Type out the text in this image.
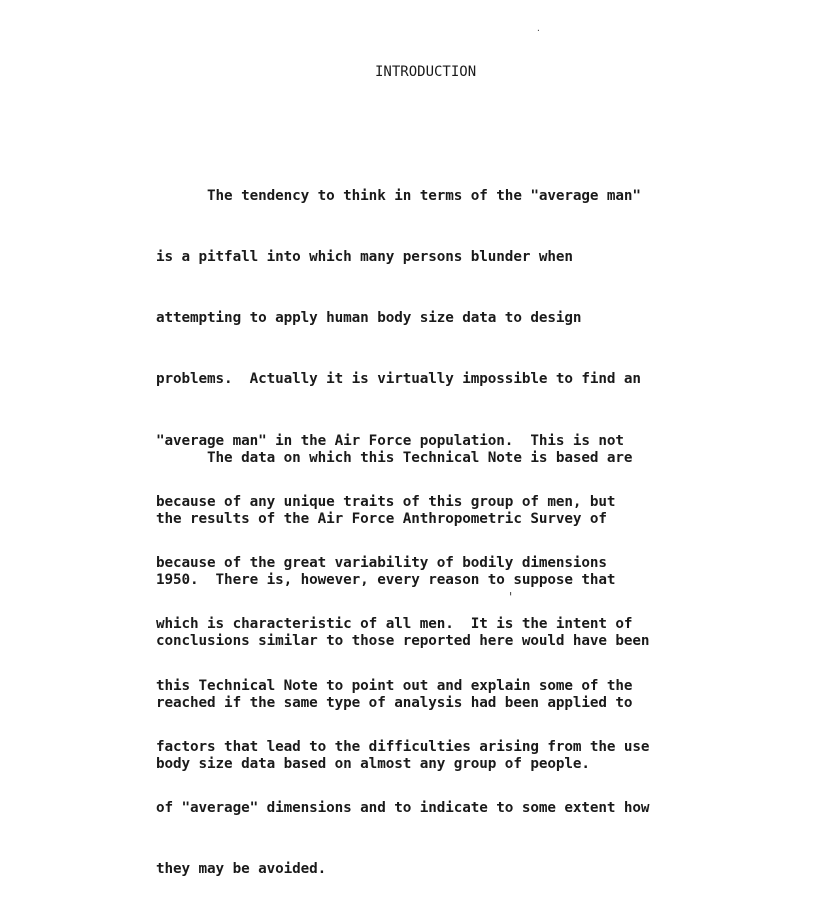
·
INTRODUCTION

The tendency to think in terms of the "average man"

is a pitfall into which many persons blunder when

attempting to apply human body size data to design

problems.  Actually it is virtually impossible to find an

"average man" in the Air Force population.  This is not

because of any unique traits of this group of men, but

because of the great variability of bodily dimensions

which is characteristic of all men.  It is the intent of

this Technical Note to point out and explain some of the

factors that lead to the difficulties arising from the use

of "average" dimensions and to indicate to some extent how

they may be avoided.

The data on which this Technical Note is based are

the results of the Air Force Anthropometric Survey of

1950.  There is, however, every reason to suppose that

conclusions similar to those reported here would have been

reached if the same type of analysis had been applied to

body size data based on almost any group of people.

'
